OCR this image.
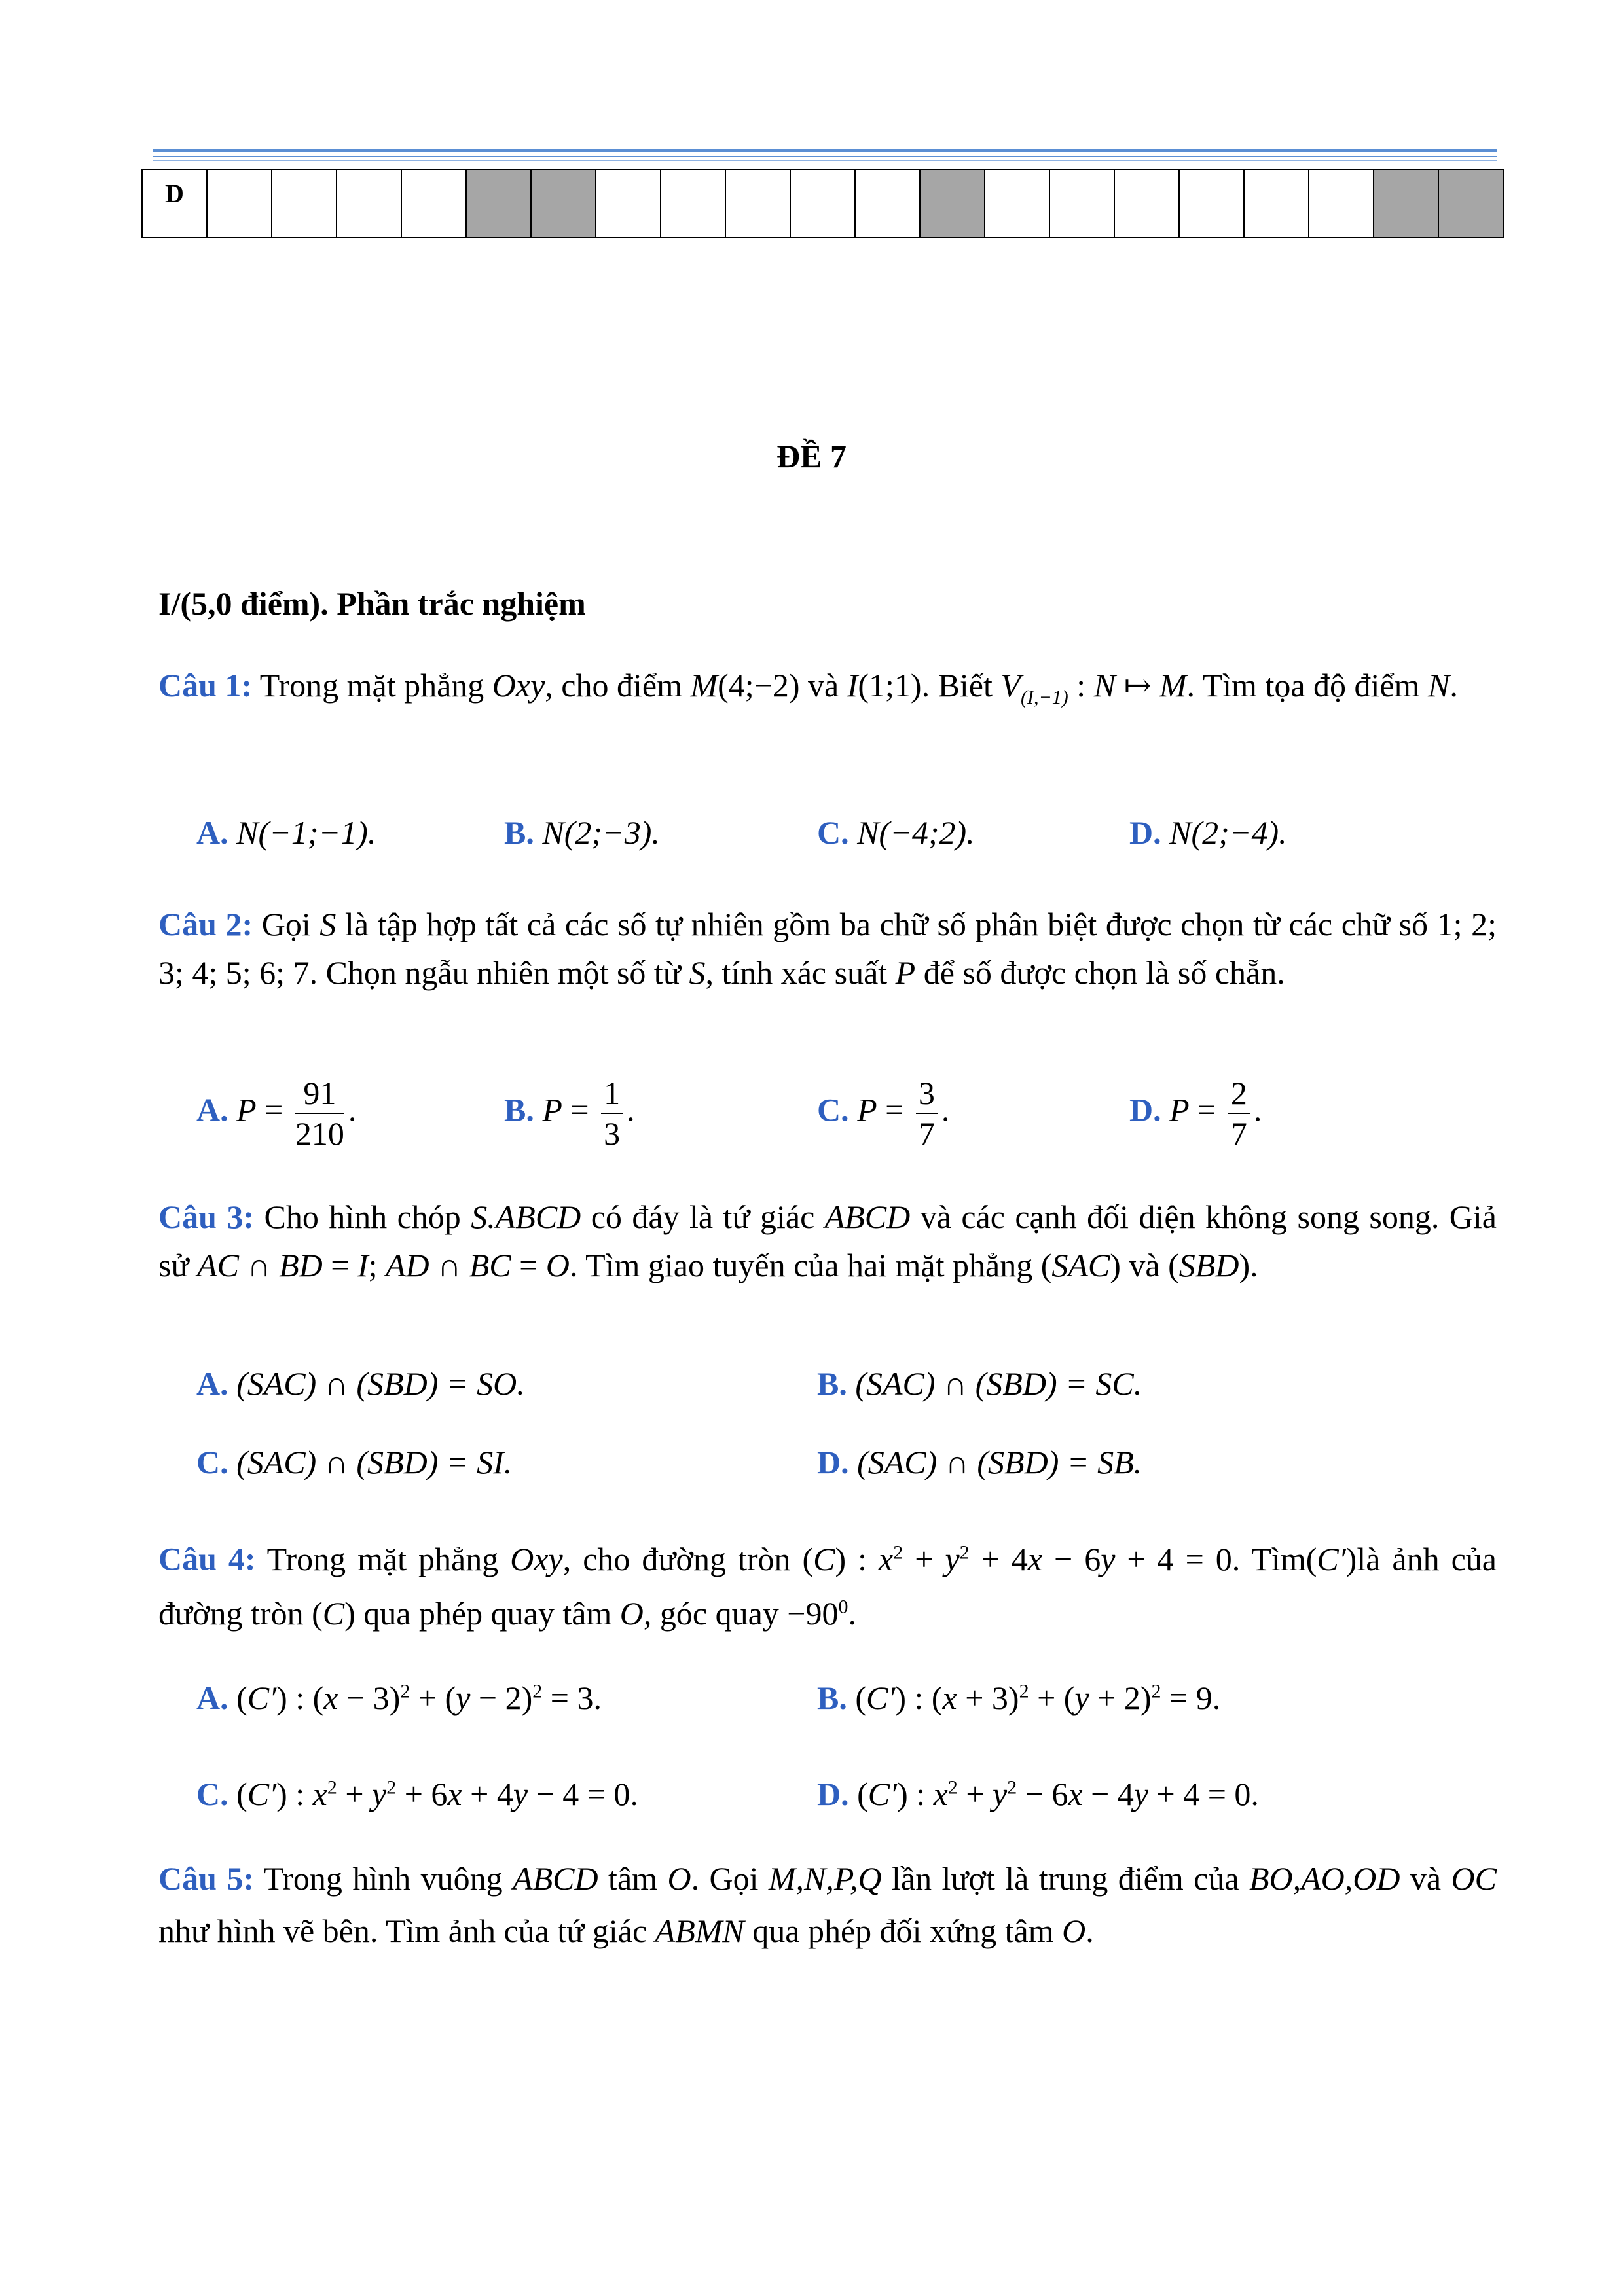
D																				
ĐỀ 7
I/(5,0 điểm). Phần trắc nghiệm
Câu 1: Trong mặt phẳng Oxy, cho điểm M(4;−2) và I(1;1). Biết $V_{(I,-1)}$ : N ↦ M. Tìm tọa độ điểm N.
A. N(−1;−1).	B. N(2;−3).	C. N(−4;2).	D. N(2;−4).
Câu 2: Gọi S là tập hợp tất cả các số tự nhiên gồm ba chữ số phân biệt được chọn từ các chữ số 1; 2; 3; 4; 5; 6; 7. Chọn ngẫu nhiên một số từ S, tính xác suất P để số được chọn là số chẵn.
A. $P = \frac{91}{210}$ .	B. $P = \frac{1}{3}$ .	C. $P = \frac{3}{7}$ .	D. $P = \frac{2}{7}$ .
Câu 3: Cho hình chóp S.ABCD có đáy là tứ giác ABCD và các cạnh đối diện không song song. Giả sử AC ∩ BD = I; AD ∩ BC = O. Tìm giao tuyến của hai mặt phẳng (SAC) và (SBD).
A. (SAC) ∩ (SBD) = SO.	B. (SAC) ∩ (SBD) = SC.
C. (SAC) ∩ (SBD) = SI.	D. (SAC) ∩ (SBD) = SB.
Câu 4: Trong mặt phẳng Oxy, cho đường tròn (C) : $x^2 + y^2 + 4x - 6y + 4 = 0$. Tìm(C′)là ảnh của đường tròn (C) qua phép quay tâm O, góc quay $-90^0$.
A. (C′) : $(x - 3)^2 + (y - 2)^2 = 3$.	B. (C′) : $(x + 3)^2 + (y + 2)^2 = 9$.
C. (C′) : $x^2 + y^2 + 6x + 4y - 4 = 0$.	D. (C′) : $x^2 + y^2 - 6x - 4y + 4 = 0$.
Câu 5: Trong hình vuông ABCD tâm O. Gọi M,N,P,Q lần lượt là trung điểm của BO,AO,OD và OC như hình vẽ bên. Tìm ảnh của tứ giác ABMN qua phép đối xứng tâm O.
